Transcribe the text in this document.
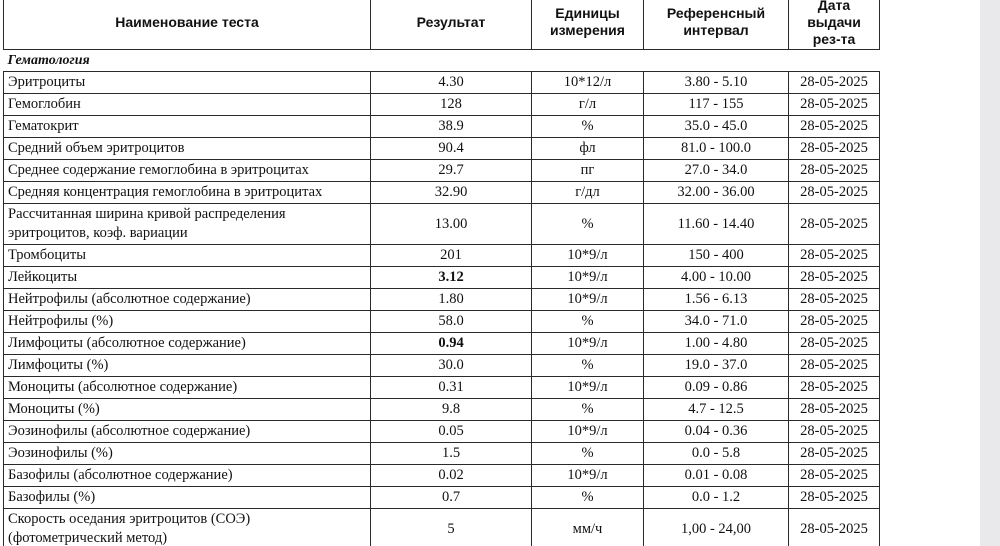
Наименование теста	Результат	Единицы измерения	Референсный интервал	Дата выдачи рез-та
Гематология				
Эритроциты	4.30	10*12/л	3.80 - 5.10	28-05-2025
Гемоглобин	128	г/л	117 - 155	28-05-2025
Гематокрит	38.9	%	35.0 - 45.0	28-05-2025
Средний объем эритроцитов	90.4	фл	81.0 - 100.0	28-05-2025
Среднее содержание гемоглобина в эритроцитах	29.7	пг	27.0 - 34.0	28-05-2025
Средняя концентрация гемоглобина в эритроцитах	32.90	г/дл	32.00 - 36.00	28-05-2025
Рассчитанная ширина кривой распределения эритроцитов, коэф. вариации	13.00	%	11.60 - 14.40	28-05-2025
Тромбоциты	201	10*9/л	150 - 400	28-05-2025
Лейкоциты	3.12	10*9/л	4.00 - 10.00	28-05-2025
Нейтрофилы (абсолютное содержание)	1.80	10*9/л	1.56 - 6.13	28-05-2025
Нейтрофилы (%)	58.0	%	34.0 - 71.0	28-05-2025
Лимфоциты (абсолютное содержание)	0.94	10*9/л	1.00 - 4.80	28-05-2025
Лимфоциты (%)	30.0	%	19.0 - 37.0	28-05-2025
Моноциты (абсолютное содержание)	0.31	10*9/л	0.09 - 0.86	28-05-2025
Моноциты (%)	9.8	%	4.7 - 12.5	28-05-2025
Эозинофилы (абсолютное содержание)	0.05	10*9/л	0.04 - 0.36	28-05-2025
Эозинофилы (%)	1.5	%	0.0 - 5.8	28-05-2025
Базофилы (абсолютное содержание)	0.02	10*9/л	0.01 - 0.08	28-05-2025
Базофилы (%)	0.7	%	0.0 - 1.2	28-05-2025
Скорость оседания эритроцитов (СОЭ) (фотометрический метод)	5	мм/ч	1,00 - 24,00	28-05-2025
